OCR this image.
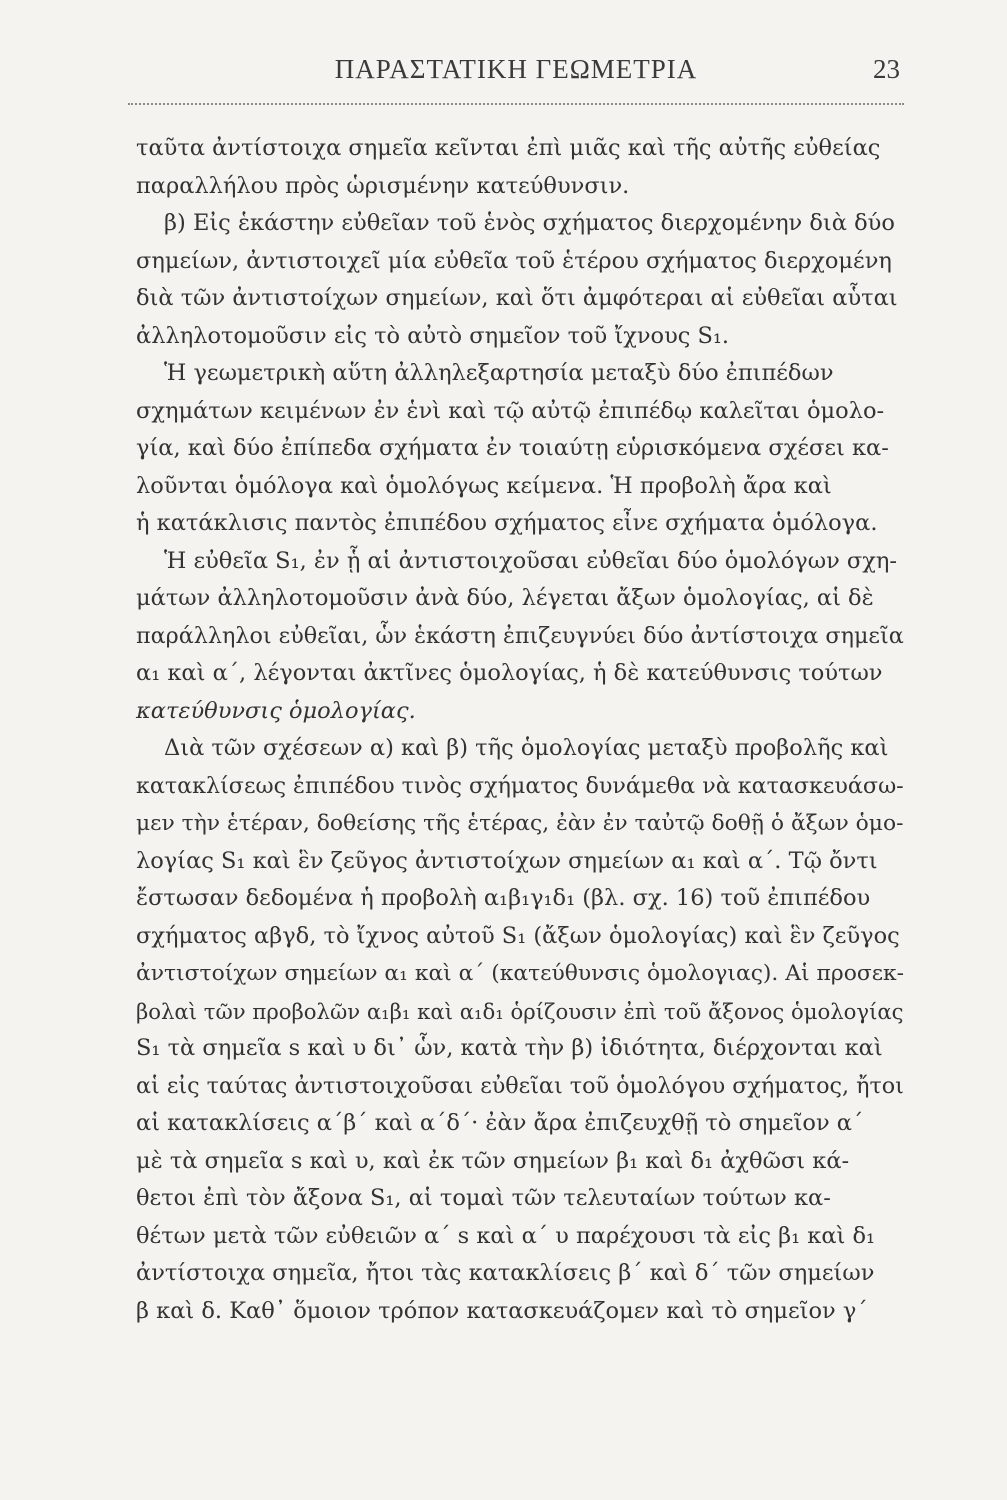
ΠΑΡΑΣΤΑΤΙΚΗ ΓΕΩΜΕΤΡΙΑ	23
ταῦτα ἀντίστοιχα σημεῖα κεῖνται ἐπὶ μιᾶς καὶ τῆς αὐτῆς εὐθείας
παραλλήλου πρὸς ὡρισμένην κατεύθυνσιν.
β) Εἰς ἑκάστην εὐθεῖαν τοῦ ἑνὸς σχήματος διερχομένην διὰ δύο
σημείων, ἀντιστοιχεῖ μία εὐθεῖα τοῦ ἑτέρου σχήματος διερχομένη
διὰ τῶν ἀντιστοίχων σημείων, καὶ ὅτι ἀμφότεραι αἱ εὐθεῖαι αὗται
ἀλληλοτομοῦσιν εἰς τὸ αὐτὸ σημεῖον τοῦ ἴχνους S₁.
Ἡ γεωμετρικὴ αὕτη ἀλληλεξαρτησία μεταξὺ δύο ἐπιπέδων
σχημάτων κειμένων ἐν ἑνὶ καὶ τῷ αὐτῷ ἐπιπέδῳ καλεῖται ὁμολο-
γία, καὶ δύο ἐπίπεδα σχήματα ἐν τοιαύτῃ εὑρισκόμενα σχέσει κα-
λοῦνται ὁμόλογα καὶ ὁμολόγως κείμενα. Ἡ προβολὴ ἄρα καὶ
ἡ κατάκλισις παντὸς ἐπιπέδου σχήματος εἶνε σχήματα ὁμόλογα.
Ἡ εὐθεῖα S₁, ἐν ᾗ αἱ ἀντιστοιχοῦσαι εὐθεῖαι δύο ὁμολόγων σχη-
μάτων ἀλληλοτομοῦσιν ἀνὰ δύο, λέγεται ἄξων ὁμολογίας, αἱ δὲ
παράλληλοι εὐθεῖαι, ὧν ἑκάστη ἐπιζευγνύει δύο ἀντίστοιχα σημεῖα
α₁ καὶ α΄, λέγονται ἀκτῖνες ὁμολογίας, ἡ δὲ κατεύθυνσις τούτων
κατεύθυνσις ὁμολογίας.
Διὰ τῶν σχέσεων α) καὶ β) τῆς ὁμολογίας μεταξὺ προβολῆς καὶ
κατακλίσεως ἐπιπέδου τινὸς σχήματος δυνάμεθα νὰ κατασκευάσω-
μεν τὴν ἑτέραν, δοθείσης τῆς ἑτέρας, ἐὰν ἐν ταὐτῷ δοθῇ ὁ ἄξων ὁμο-
λογίας S₁ καὶ ἓν ζεῦγος ἀντιστοίχων σημείων α₁ καὶ α΄. Τῷ ὄντι
ἔστωσαν δεδομένα ἡ προβολὴ α₁β₁γ₁δ₁ (βλ. σχ. 16) τοῦ ἐπιπέδου
σχήματος αβγδ, τὸ ἴχνος αὐτοῦ S₁ (ἄξων ὁμολογίας) καὶ ἓν ζεῦγος
ἀντιστοίχων σημείων α₁ καὶ α΄ (κατεύθυνσις ὁμολογιας). Αἱ προσεκ-
βολαὶ τῶν προβολῶν α₁β₁ καὶ α₁δ₁ ὁρίζουσιν ἐπὶ τοῦ ἄξονος ὁμολογίας
S₁ τὰ σημεῖα s καὶ υ δι᾽ ὧν, κατὰ τὴν β) ἰδιότητα, διέρχονται καὶ
αἱ εἰς ταύτας ἀντιστοιχοῦσαι εὐθεῖαι τοῦ ὁμολόγου σχήματος, ἤτοι
αἱ κατακλίσεις α΄β΄ καὶ α΄δ΄· ἐὰν ἄρα ἐπιζευχθῇ τὸ σημεῖον α΄
μὲ τὰ σημεῖα s καὶ υ, καὶ ἐκ τῶν σημείων β₁ καὶ δ₁ ἀχθῶσι κά-
θετοι ἐπὶ τὸν ἄξονα S₁, αἱ τομαὶ τῶν τελευταίων τούτων κα-
θέτων μετὰ τῶν εὐθειῶν α΄ s καὶ α΄ υ παρέχουσι τὰ εἰς β₁ καὶ δ₁
ἀντίστοιχα σημεῖα, ἤτοι τὰς κατακλίσεις β΄ καὶ δ΄ τῶν σημείων
β καὶ δ. Καθ᾽ ὅμοιον τρόπον κατασκευάζομεν καὶ τὸ σημεῖον γ΄
